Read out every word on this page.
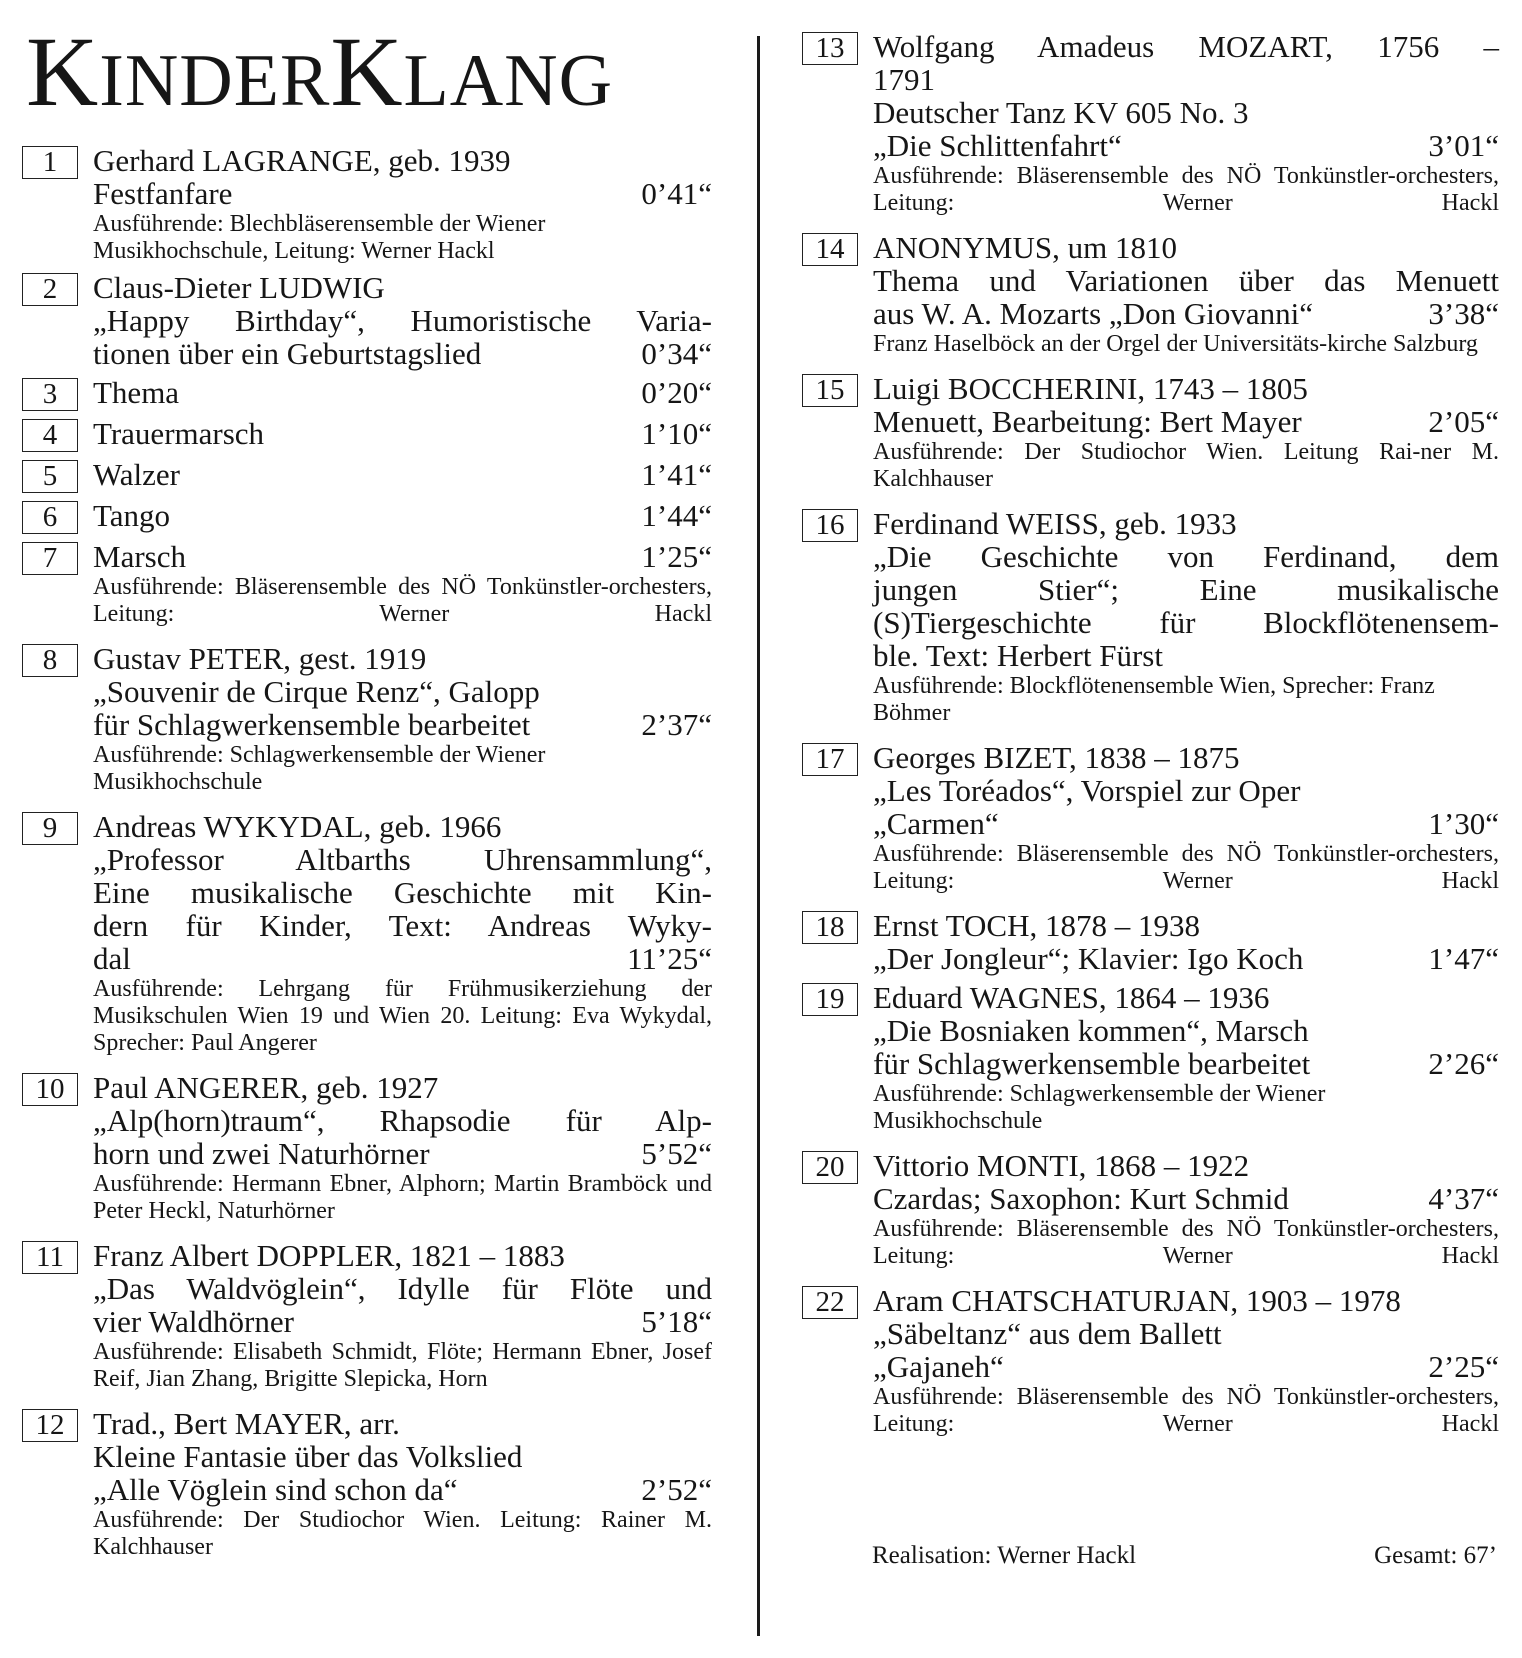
KINDERKLANG
1	Gerhard LAGRANGE, geb. 1939
Festfanfare	0’41“
Ausführende: Blechbläserensemble der Wiener Musikhochschule, Leitung: Werner Hackl
2	Claus-Dieter LUDWIG
„Happy Birthday“, Humoristische Varia-
tionen über ein Geburtstagslied	0’34“
3	Thema	0’20“
4	Trauermarsch	1’10“
5	Walzer	1’41“
6	Tango	1’44“
7	Marsch	1’25“
Ausführende: Bläserensemble des NÖ Tonkünstler-orchesters, Leitung: Werner Hackl
8	Gustav PETER, gest. 1919
„Souvenir de Cirque Renz“, Galopp
für Schlagwerkensemble bearbeitet	2’37“
Ausführende: Schlagwerkensemble der Wiener Musikhochschule
9	Andreas WYKYDAL, geb. 1966
„Professor Altbarths Uhrensammlung“,
Eine musikalische Geschichte mit Kin-
dern für Kinder, Text: Andreas Wyky-
dal	11’25“
Ausführende: Lehrgang für Frühmusikerziehung der Musikschulen Wien 19 und Wien 20. Leitung: Eva Wykydal, Sprecher: Paul Angerer
10 Paul ANGERER, geb. 1927
„Alp(horn)traum“, Rhapsodie für Alp-
horn und zwei Naturhörner	5’52“
Ausführende: Hermann Ebner, Alphorn; Martin Bramböck und Peter Heckl, Naturhörner
11 Franz Albert DOPPLER, 1821 – 1883
„Das Waldvöglein“, Idylle für Flöte und
vier Waldhörner	5’18“
Ausführende: Elisabeth Schmidt, Flöte; Hermann Ebner, Josef Reif, Jian Zhang, Brigitte Slepicka, Horn
12 Trad., Bert MAYER, arr.
Kleine Fantasie über das Volkslied
„Alle Vöglein sind schon da“	2’52“
Ausführende: Der Studiochor Wien. Leitung: Rainer M. Kalchhauser
13 Wolfgang Amadeus MOZART, 1756 –
1791
Deutscher Tanz KV 605 No. 3
„Die Schlittenfahrt“	3’01“
Ausführende: Bläserensemble des NÖ Tonkünstler-orchesters, Leitung: Werner Hackl
14 ANONYMUS, um 1810
Thema und Variationen über das Menuett
aus W. A. Mozarts „Don Giovanni“	3’38“
Franz Haselböck an der Orgel der Universitäts-kirche Salzburg
15 Luigi BOCCHERINI, 1743 – 1805
Menuett, Bearbeitung: Bert Mayer	2’05“
Ausführende: Der Studiochor Wien. Leitung Rai-ner M. Kalchhauser
16 Ferdinand WEISS, geb. 1933
„Die Geschichte von Ferdinand, dem
jungen Stier“; Eine musikalische
(S)Tiergeschichte für Blockflötenensem-
ble. Text: Herbert Fürst
Ausführende: Blockflötenensemble Wien, Sprecher: Franz Böhmer
17 Georges BIZET, 1838 – 1875
„Les Toréados“, Vorspiel zur Oper
„Carmen“	1’30“
Ausführende: Bläserensemble des NÖ Tonkünstler-orchesters, Leitung: Werner Hackl
18 Ernst TOCH, 1878 – 1938
„Der Jongleur“; Klavier: Igo Koch	1’47“
19 Eduard WAGNES, 1864 – 1936
„Die Bosniaken kommen“, Marsch
für Schlagwerkensemble bearbeitet	2’26“
Ausführende: Schlagwerkensemble der Wiener Musikhochschule
20 Vittorio MONTI, 1868 – 1922
Czardas; Saxophon: Kurt Schmid	4’37“
Ausführende: Bläserensemble des NÖ Tonkünstler-orchesters, Leitung: Werner Hackl
22 Aram CHATSCHATURJAN, 1903 – 1978
„Säbeltanz“ aus dem Ballett
„Gajaneh“	2’25“
Ausführende: Bläserensemble des NÖ Tonkünstler-orchesters, Leitung: Werner Hackl
Realisation: Werner Hackl	Gesamt: 67’
